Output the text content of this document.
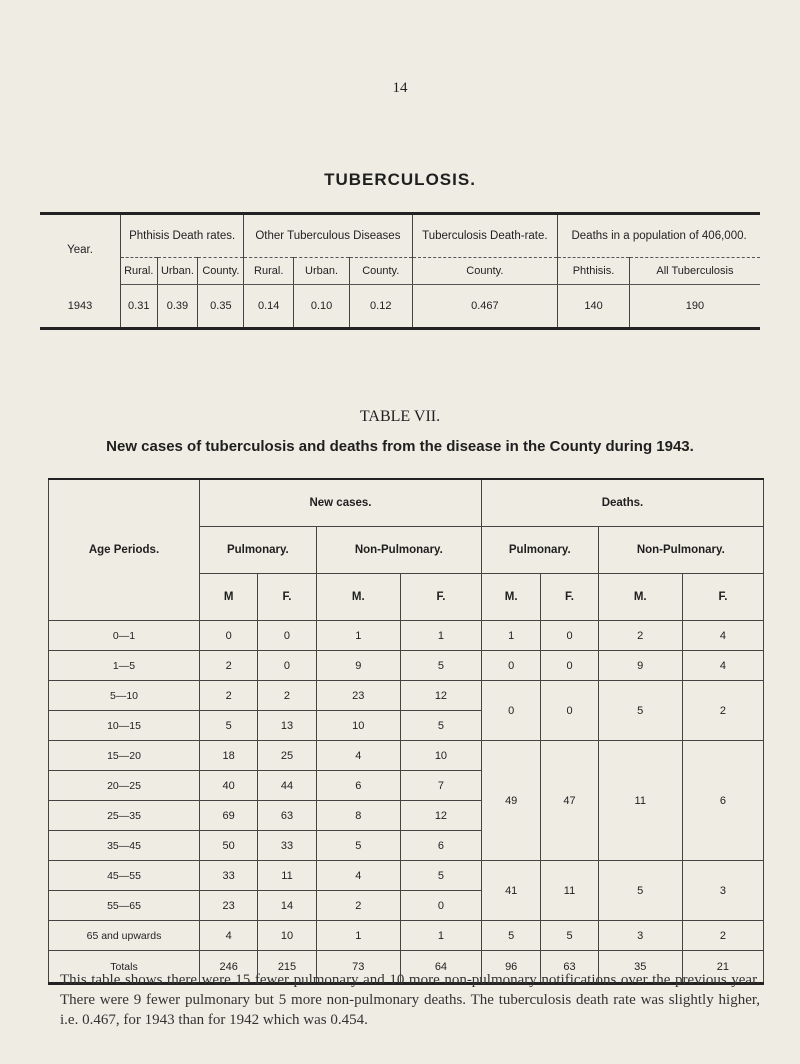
14
TUBERCULOSIS.
Year.	Phthisis Death rates.			Other Tuberculous Diseases			Tuberculosis Death-rate.	Deaths in a population of 406,000.	
	Rural.	Urban.	County.	Rural.	Urban.	County.	County.	Phthisis.	All Tuberculosis
1943	0.31	0.39	0.35	0.14	0.10	0.12	0.467	140	190
TABLE VII.
New cases of tuberculosis and deaths from the disease in the County during 1943.
Age Periods.	New cases.				Deaths.			
	Pulmonary.		Non-Pulmonary.		Pulmonary.		Non-Pulmonary.	
	M	F.	M.	F.	M.	F.	M.	F.
0—1	0	0	1	1	1	0	2	4
1—5	2	0	9	5	0	0	9	4
5—10	2	2	23	12	0	0	5	2
10—15	5	13	10	5				
15—20	18	25	4	10	49	47	11	6
20—25	40	44	6	7				
25—35	69	63	8	12				
35—45	50	33	5	6				
45—55	33	11	4	5	41	11	5	3
55—65	23	14	2	0				
65 and upwards	4	10	1	1	5	5	3	2
Totals	246	215	73	64	96	63	35	21
This table shows there were 15 fewer pulmonary and 10 more non-pulmonary notifications over the previous year. There were 9 fewer pulmonary but 5 more non-pulmonary deaths. The tuberculosis death rate was slightly higher, i.e. 0.467, for 1943 than for 1942 which was 0.454.
